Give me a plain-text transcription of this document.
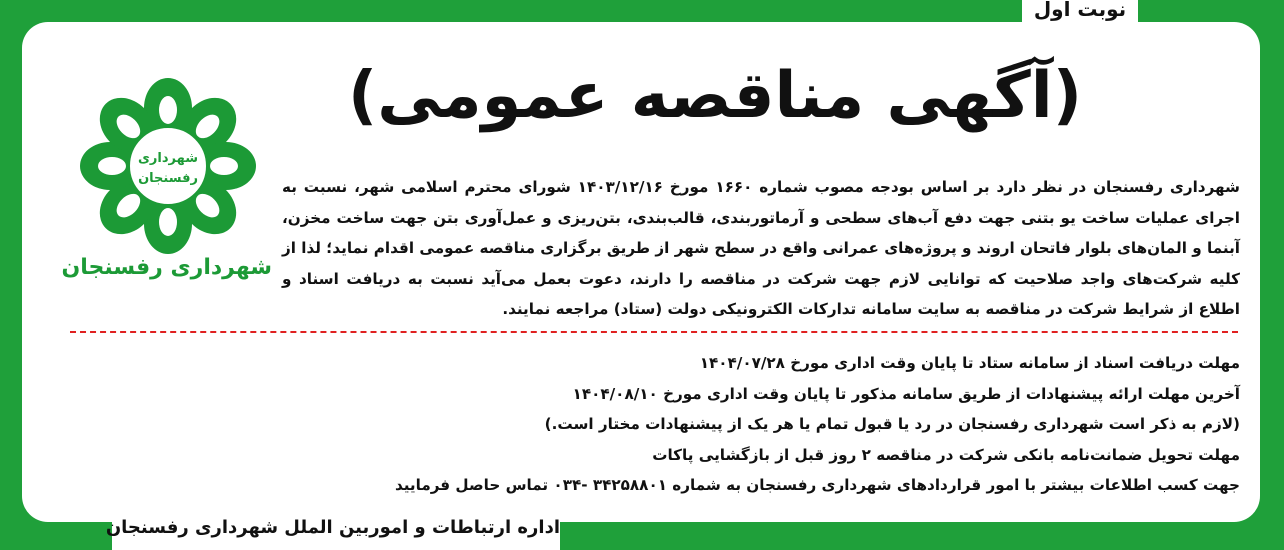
نوبت اول
(آگهی مناقصه عمومی)
شهرداری
رفسنجان
شهرداری رفسنجان
شهرداری رفسنجان در نظر دارد بر اساس بودجه مصوب شماره ۱۶۶۰ مورخ ۱۴۰۳/۱۲/۱۶ شورای محترم اسلامی شهر، نسبت به اجرای عملیات ساخت یو بتنی جهت دفع آب‌های سطحی و آرماتوربندی، قالب‌بندی، بتن‌ریزی و عمل‌آوری بتن جهت ساخت مخزن، آبنما و المان‌های بلوار فاتحان اروند و پروژه‌های عمرانی واقع در سطح شهر از طریق برگزاری مناقصه عمومی اقدام نماید؛ لذا از کلیه شرکت‌های واجد صلاحیت که توانایی لازم جهت شرکت در مناقصه را دارند، دعوت بعمل می‌آید نسبت به دریافت اسناد و اطلاع از شرایط شرکت در مناقصه به سایت سامانه تدارکات الکترونیکی دولت (ستاد) مراجعه نمایند.
مهلت دریافت اسناد از سامانه ستاد تا پایان وقت اداری مورخ ۱۴۰۴/۰۷/۲۸
آخرین مهلت ارائه پیشنهادات از طریق سامانه مذکور تا پایان وقت اداری مورخ ۱۴۰۴/۰۸/۱۰
(لازم به ذکر است شهرداری رفسنجان در رد یا قبول تمام یا هر یک از پیشنهادات مختار است.)
مهلت تحویل ضمانت‌نامه بانکی شرکت در مناقصه ۲ روز قبل از بازگشایی پاکات
جهت کسب اطلاعات بیشتر با امور قراردادهای شهرداری رفسنجان به شماره ۳۴۲۵۸۸۰۱ -۰۳۴ تماس حاصل فرمایید
اداره ارتباطات و اموربین الملل شهرداری رفسنجان
